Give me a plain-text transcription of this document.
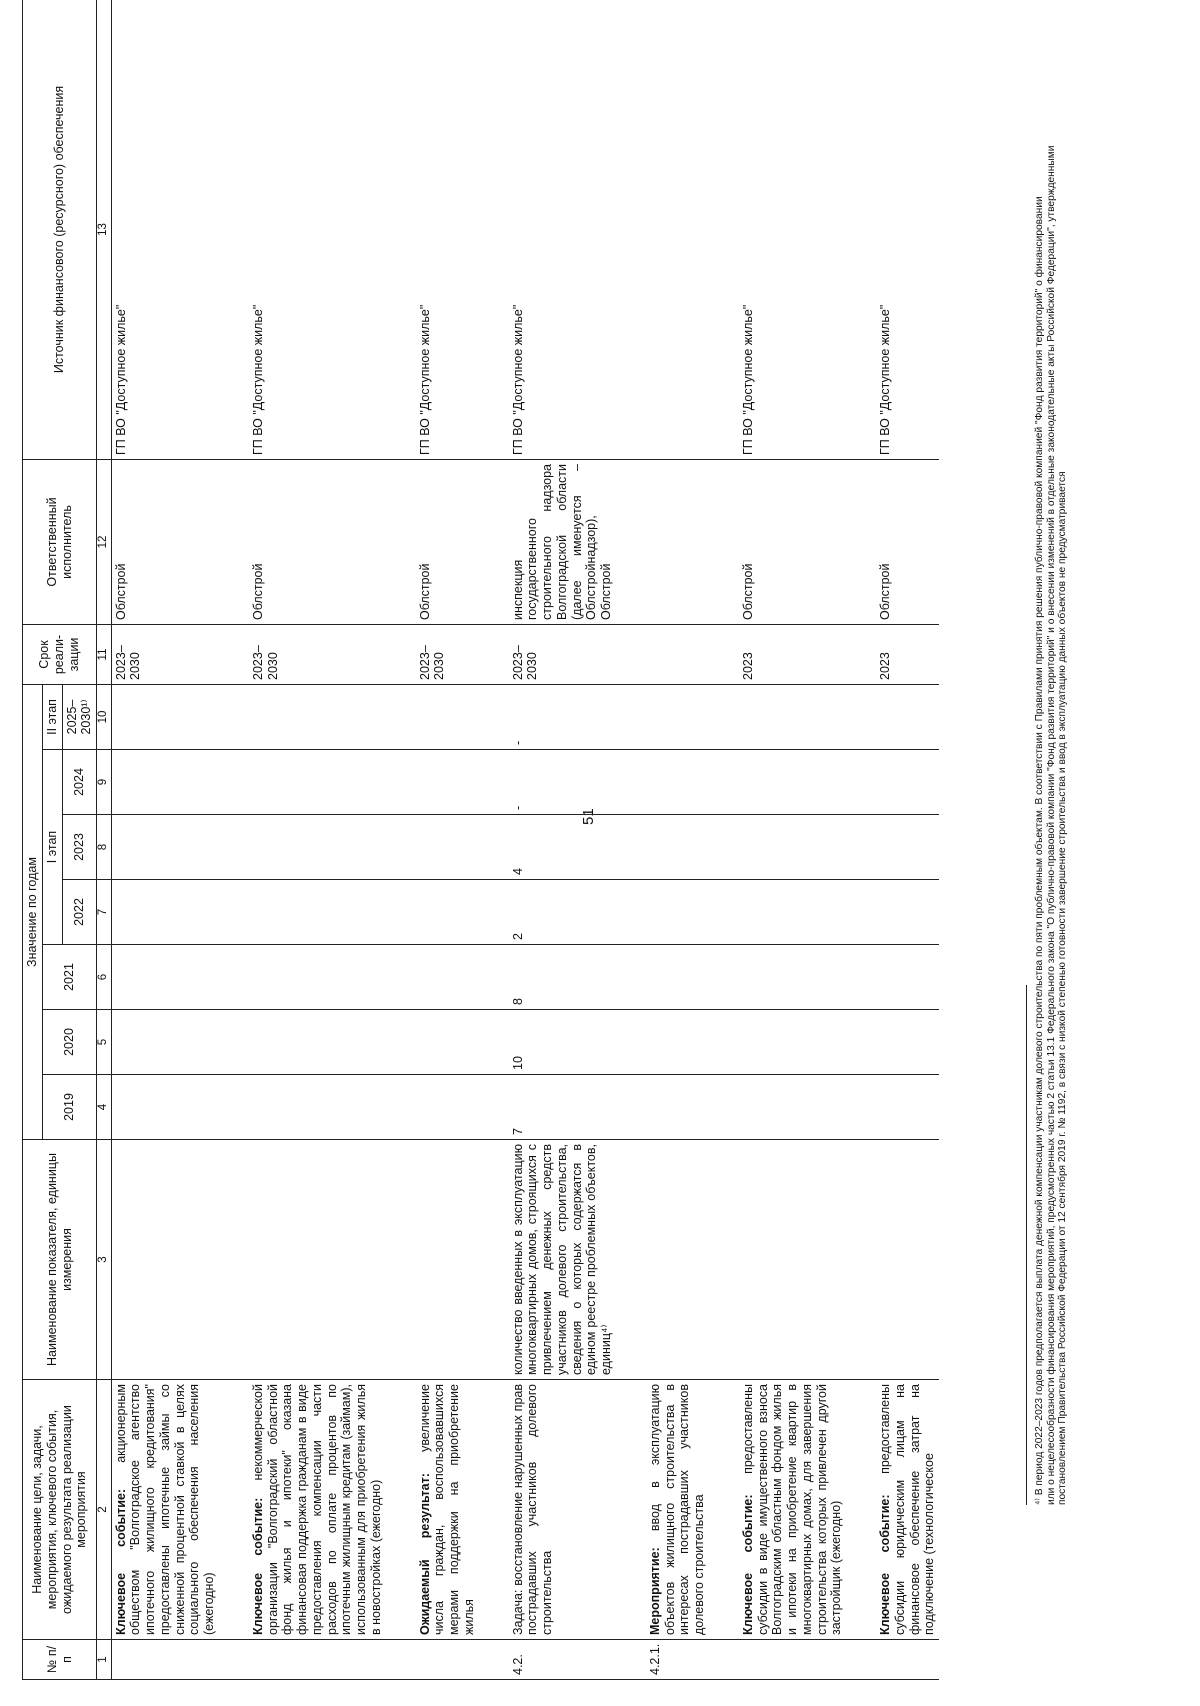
51
№ п/п	Наименование цели, задачи, мероприятия, ключевого события, ожидаемого результата реализации мероприятия	Наименование показателя, единицы измерения	Значение по годам							Срок реали-зации	Ответственный исполнитель	Источник финансового (ресурсного) обеспечения
			2019	2020	2021	I этап			II этап			
						2022	2023	2024	2025–2030¹⁾			
1	2	3	4	5	6	7	8	9	10	11	12	13
	Ключевое событие: акционерным обществом "Волгоградское агентство ипотечного жилищного кредитования" предоставлены ипотечные займы со сниженной процентной ставкой в целях социального обеспечения населения (ежегодно)									2023–2030	Облстрой	ГП ВО "Доступное жилье"

	Ключевое событие: некоммерческой организации "Волгоградский областной фонд жилья и ипотеки" оказана финансовая поддержка гражданам в виде предоставления компенсации части расходов по оплате процентов по ипотечным жилищным кредитам (займам), использованным для приобретения жилья в новостройках (ежегодно)									2023–2030	Облстрой	ГП ВО "Доступное жилье"

	Ожидаемый результат: увеличение числа граждан, воспользовавшихся мерами поддержки на приобретение жилья									2023–2030	Облстрой	ГП ВО "Доступное жилье"

4.2.	Задача: восстановление нарушенных прав пострадавших участников долевого строительства	количество введенных в эксплуатацию многоквартирных домов, строящихся с привлечением денежных средств участников долевого строительства, сведения о которых содержатся в едином реестре проблемных объектов, единиц⁴⁾	7	10	8	2	4	-	-	2023–2030	инспекция государственного строительного надзора Волгоградской области (далее именуется – Облстройнадзор), Облстрой	ГП ВО "Доступное жилье"

4.2.1.	Мероприятие: ввод в эксплуатацию объектов жилищного строительства в интересах пострадавших участников долевого строительства											

	Ключевое событие: предоставлены субсидии в виде имущественного взноса Волгоградским областным фондом жилья и ипотеки на приобретение квартир в многоквартирных домах, для завершения строительства которых привлечен другой застройщик (ежегодно)									2023	Облстрой	ГП ВО "Доступное жилье"

	Ключевое событие: предоставлены субсидии юридическим лицам на финансовое обеспечение затрат на подключение (технологическое									2023	Облстрой	ГП ВО "Доступное жилье"	⁴⁾ В период 2022–2023 годов предполагается выплата денежной компенсации участникам долевого строительства по пяти проблемным объектам. В соответствии с Правилами принятия решения публично-правовой компанией "Фонд развития территорий" о финансировании или о нецелесообразности финансирования мероприятий, предусмотренных частью 2 статьи 13.1 Федерального закона "О публично-правовой компании "Фонд развития территорий" и о внесении изменений в отдельные законодательные акты Российской Федерации", утвержденными постановлением Правительства Российской Федерации от 12 сентября 2019 г. № 1192, в связи с низкой степенью готовности завершение строительства и ввод в эксплуатацию данных объектов не предусматривается
